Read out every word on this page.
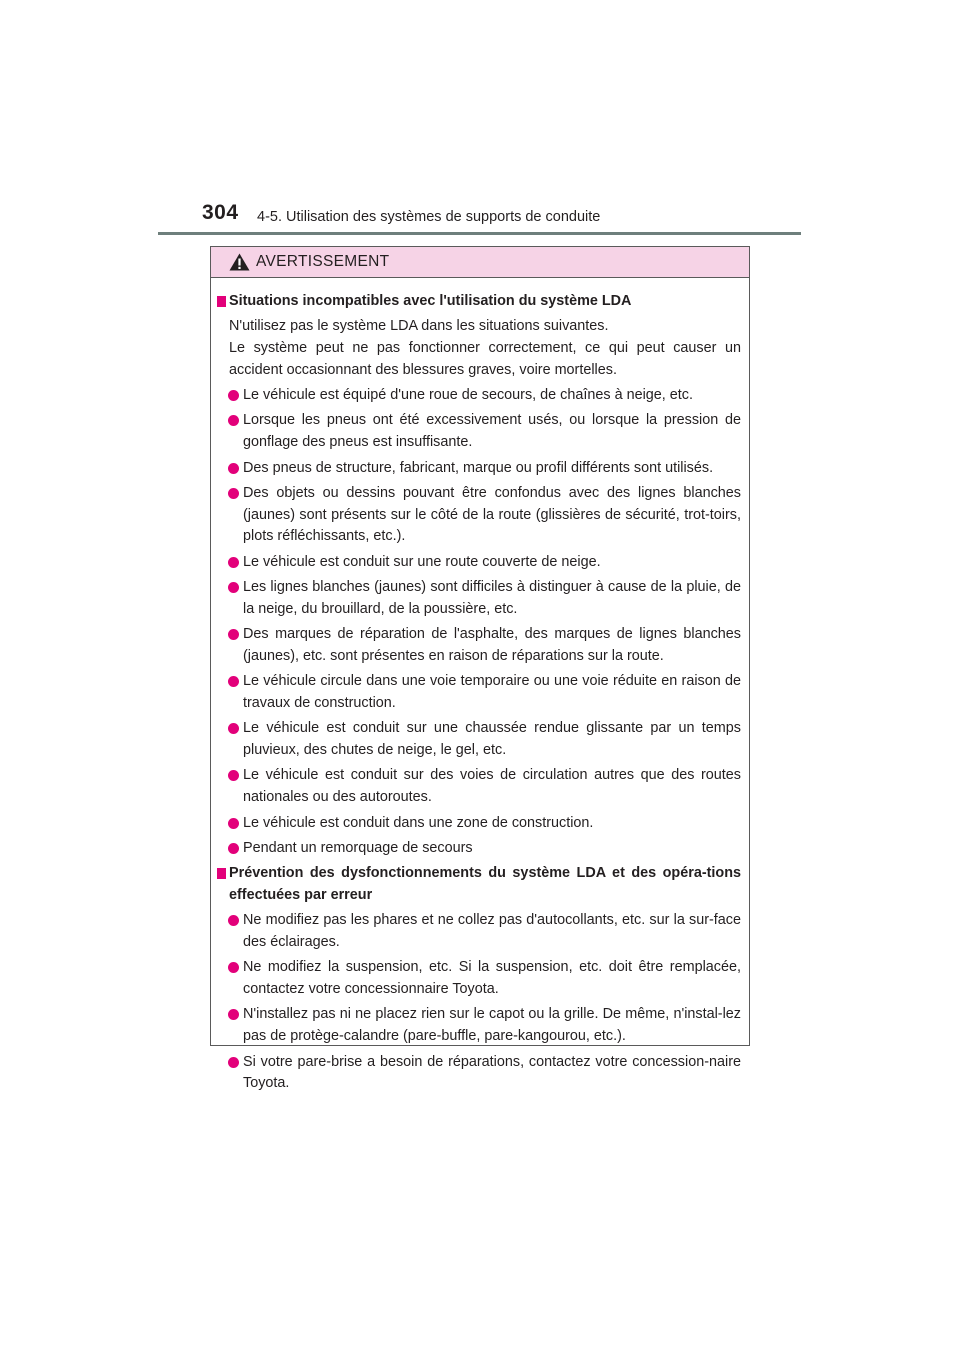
304 4-5. Utilisation des systèmes de supports de conduite
AVERTISSEMENT
Situations incompatibles avec l'utilisation du système LDA
N'utilisez pas le système LDA dans les situations suivantes.
Le système peut ne pas fonctionner correctement, ce qui peut causer un accident occasionnant des blessures graves, voire mortelles.
Le véhicule est équipé d'une roue de secours, de chaînes à neige, etc.
Lorsque les pneus ont été excessivement usés, ou lorsque la pression de gonflage des pneus est insuffisante.
Des pneus de structure, fabricant, marque ou profil différents sont utilisés.
Des objets ou dessins pouvant être confondus avec des lignes blanches (jaunes) sont présents sur le côté de la route (glissières de sécurité, trot-toirs, plots réfléchissants, etc.).
Le véhicule est conduit sur une route couverte de neige.
Les lignes blanches (jaunes) sont difficiles à distinguer à cause de la pluie, de la neige, du brouillard, de la poussière, etc.
Des marques de réparation de l'asphalte, des marques de lignes blanches (jaunes), etc. sont présentes en raison de réparations sur la route.
Le véhicule circule dans une voie temporaire ou une voie réduite en raison de travaux de construction.
Le véhicule est conduit sur une chaussée rendue glissante par un temps pluvieux, des chutes de neige, le gel, etc.
Le véhicule est conduit sur des voies de circulation autres que des routes nationales ou des autoroutes.
Le véhicule est conduit dans une zone de construction.
Pendant un remorquage de secours
Prévention des dysfonctionnements du système LDA et des opéra-tions effectuées par erreur
Ne modifiez pas les phares et ne collez pas d'autocollants, etc. sur la sur-face des éclairages.
Ne modifiez la suspension, etc. Si la suspension, etc. doit être remplacée, contactez votre concessionnaire Toyota.
N'installez pas ni ne placez rien sur le capot ou la grille. De même, n'instal-lez pas de protège-calandre (pare-buffle, pare-kangourou, etc.).
Si votre pare-brise a besoin de réparations, contactez votre concession-naire Toyota.
